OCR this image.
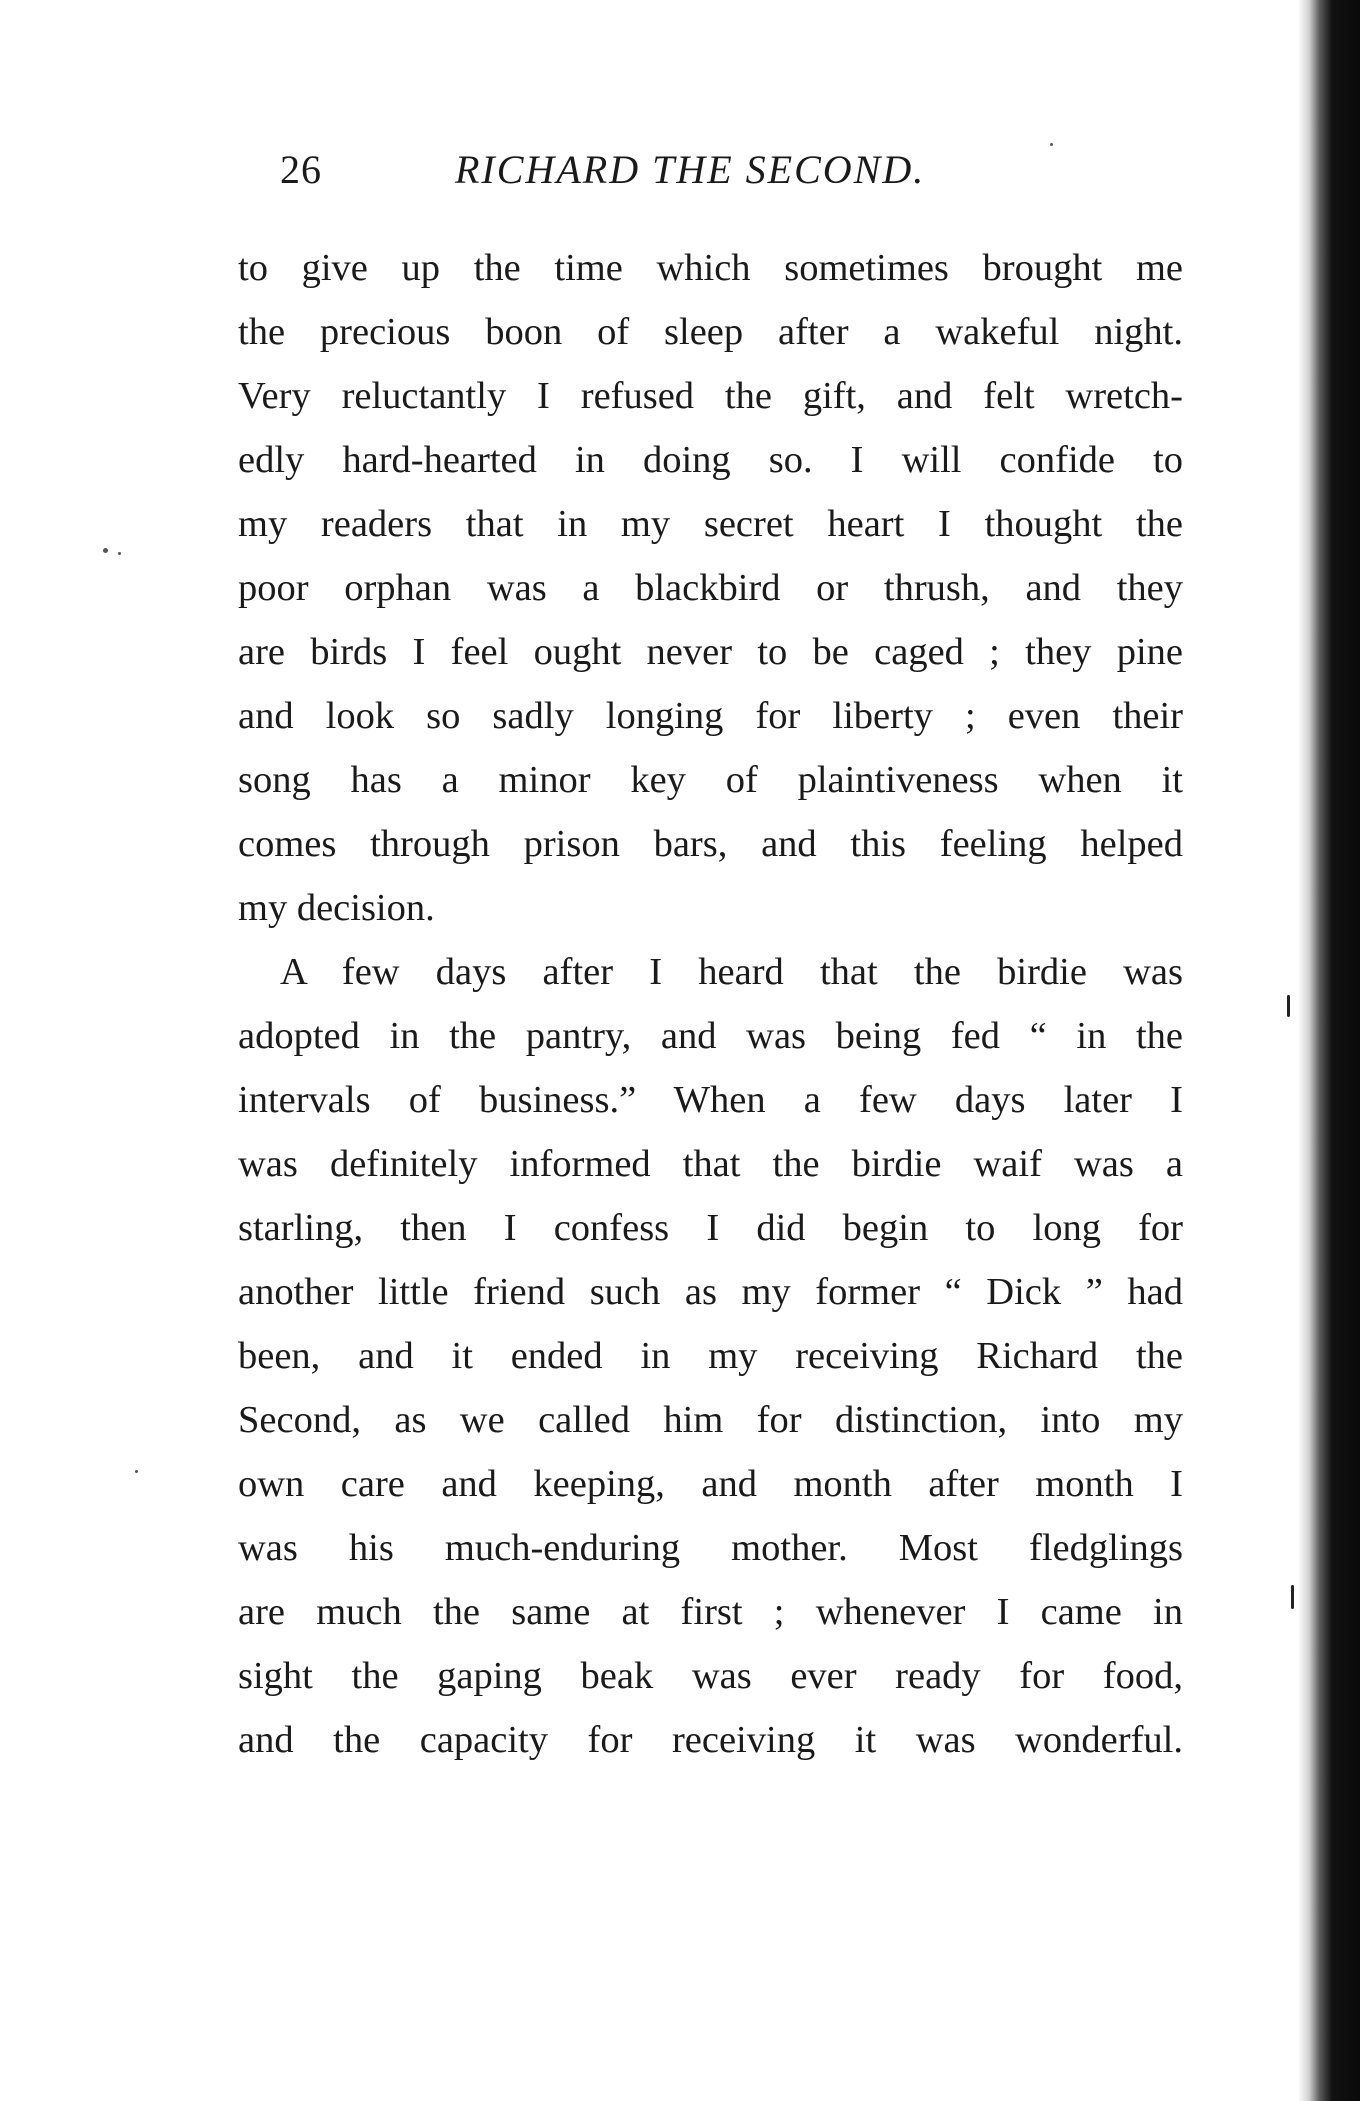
26	RICHARD THE SECOND.
to give up the time which sometimes brought me
the precious boon of sleep after a wakeful night.
Very reluctantly I refused the gift, and felt wretch-
edly hard-hearted in doing so. I will confide to
my readers that in my secret heart I thought the
poor orphan was a blackbird or thrush, and they
are birds I feel ought never to be caged ; they pine
and look so sadly longing for liberty ; even their
song has a minor key of plaintiveness when it
comes through prison bars, and this feeling helped
my decision.
A few days after I heard that the birdie was
adopted in the pantry, and was being fed “ in the
intervals of business.” When a few days later I
was definitely informed that the birdie waif was a
starling, then I confess I did begin to long for
another little friend such as my former “ Dick ” had
been, and it ended in my receiving Richard the
Second, as we called him for distinction, into my
own care and keeping, and month after month I
was his much-enduring mother. Most fledglings
are much the same at first ; whenever I came in
sight the gaping beak was ever ready for food,
and the capacity for receiving it was wonderful.
